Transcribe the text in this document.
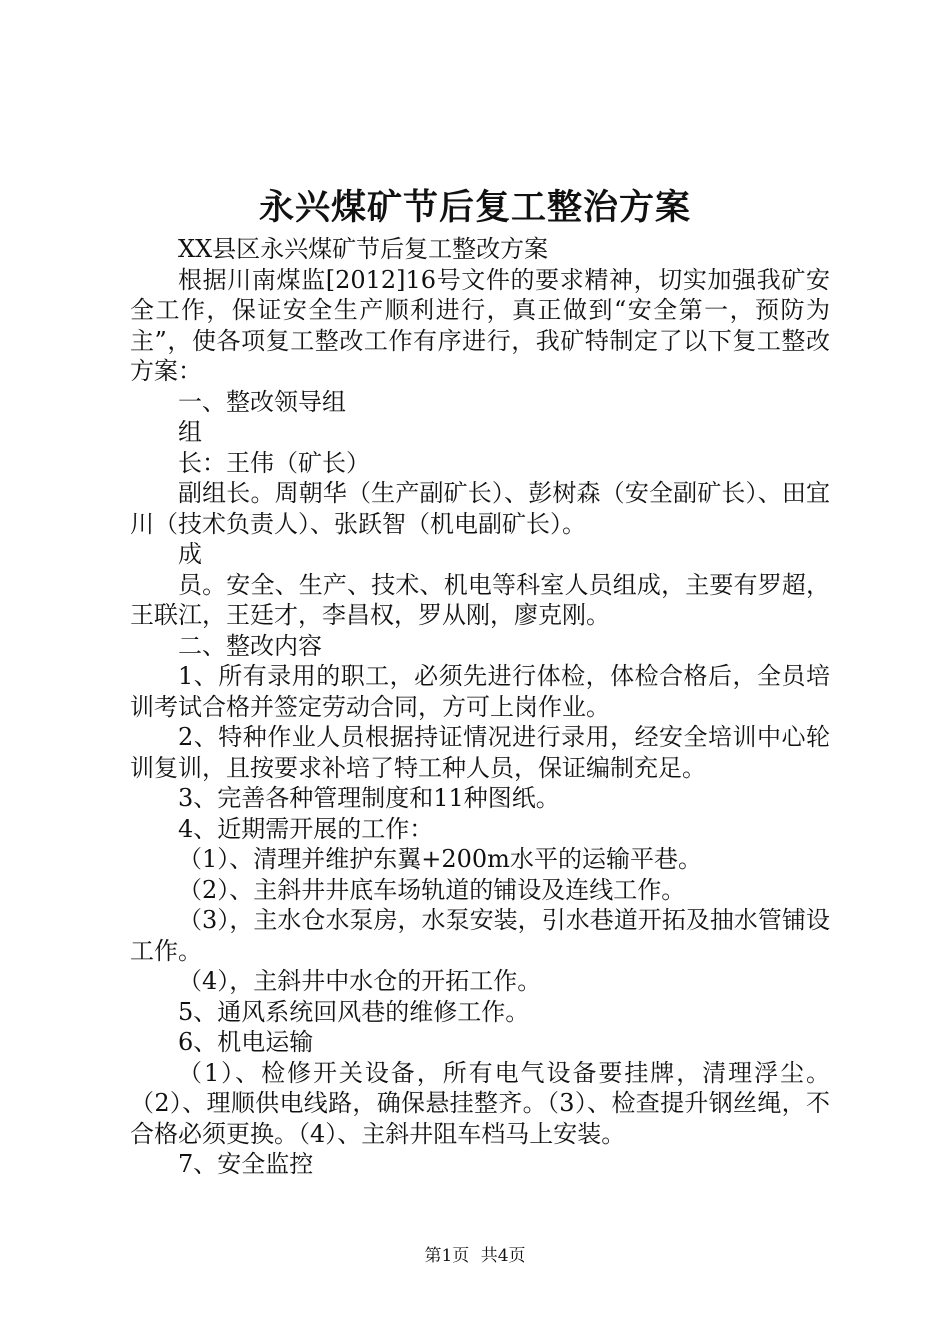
永兴煤矿节后复工整治方案

XX县区永兴煤矿节后复工整改方案

根据川南煤监[2012]16号文件的要求精神，切实加强我矿安全工作，保证安全生产顺利进行，真正做到“安全第一，预防为主”，使各项复工整改工作有序进行，我矿特制定了以下复工整改方案：

一、整改领导组

组

长：王伟（矿长）

副组长。周朝华（生产副矿长）、彭树森（安全副矿长）、田宜川（技术负责人）、张跃智（机电副矿长）。

成

员。安全、生产、技术、机电等科室人员组成，主要有罗超，王联江，王廷才，李昌权，罗从刚，廖克刚。

二、整改内容

1、所有录用的职工，必须先进行体检，体检合格后，全员培训考试合格并签定劳动合同，方可上岗作业。

2、特种作业人员根据持证情况进行录用，经安全培训中心轮训复训，且按要求补培了特工种人员，保证编制充足。

3、完善各种管理制度和11种图纸。

4、近期需开展的工作：

（1）、清理并维护东翼+200m水平的运输平巷。

（2）、主斜井井底车场轨道的铺设及连线工作。

（3），主水仓水泵房，水泵安装，引水巷道开拓及抽水管铺设工作。

（4），主斜井中水仓的开拓工作。

5、通风系统回风巷的维修工作。

6、机电运输

（1）、检修开关设备，所有电气设备要挂牌，清理浮尘。（2）、理顺供电线路，确保悬挂整齐。（3）、检查提升钢丝绳，不合格必须更换。（4）、主斜井阻车档马上安装。

7、安全监控

第1页 共4页
